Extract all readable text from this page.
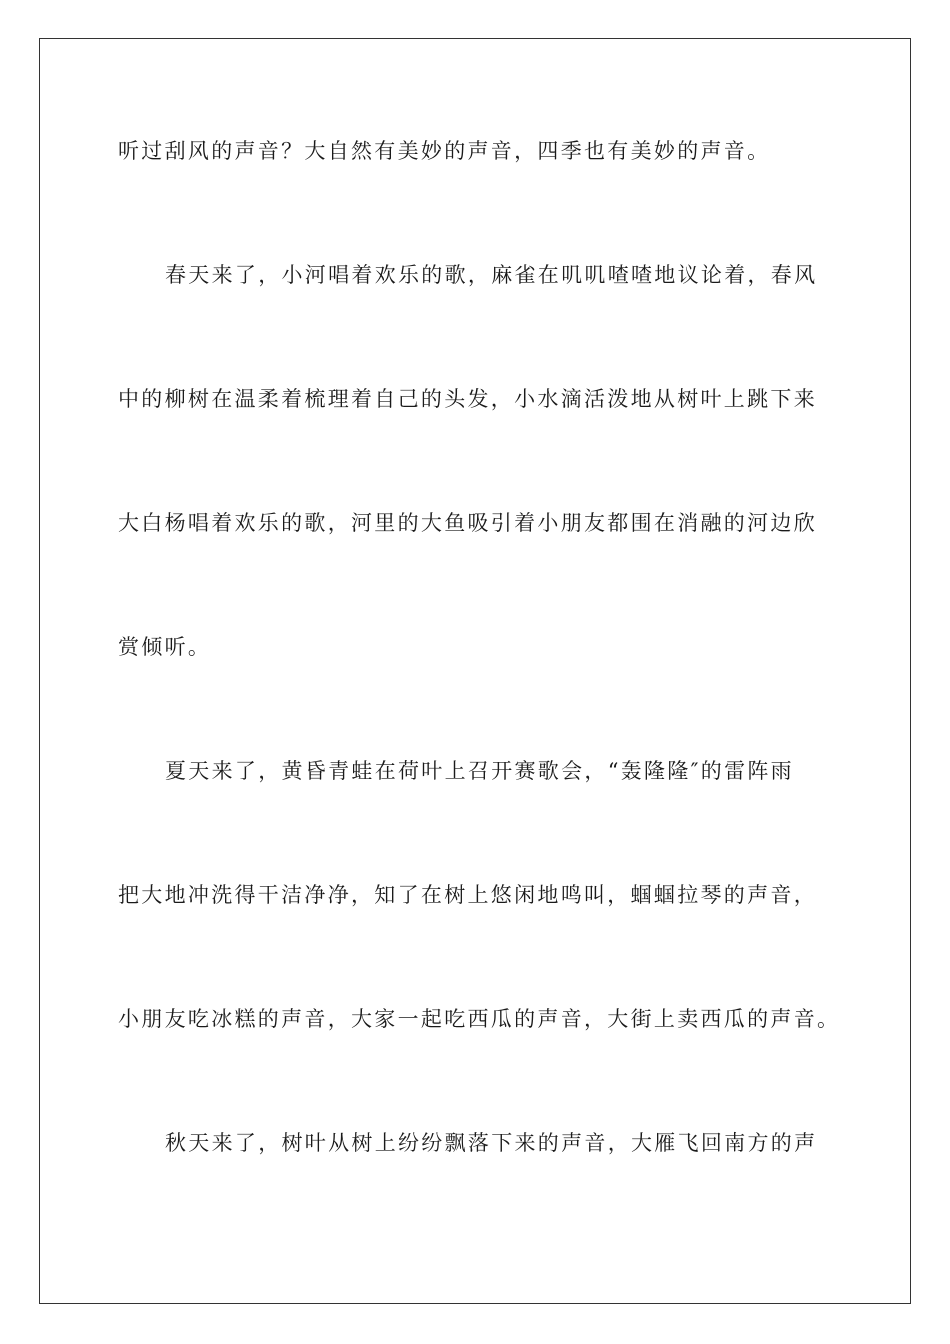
听过刮风的声音？大自然有美妙的声音，四季也有美妙的声音。
春天来了，小河唱着欢乐的歌，麻雀在叽叽喳喳地议论着，春风
中的柳树在温柔着梳理着自己的头发，小水滴活泼地从树叶上跳下来
大白杨唱着欢乐的歌，河里的大鱼吸引着小朋友都围在消融的河边欣
赏倾听。
夏天来了，黄昏青蛙在荷叶上召开赛歌会，“轰隆隆″的雷阵雨
把大地冲洗得干洁净净，知了在树上悠闲地鸣叫，蝈蝈拉琴的声音，
小朋友吃冰糕的声音，大家一起吃西瓜的声音，大街上卖西瓜的声音。
秋天来了，树叶从树上纷纷飘落下来的声音，大雁飞回南方的声
